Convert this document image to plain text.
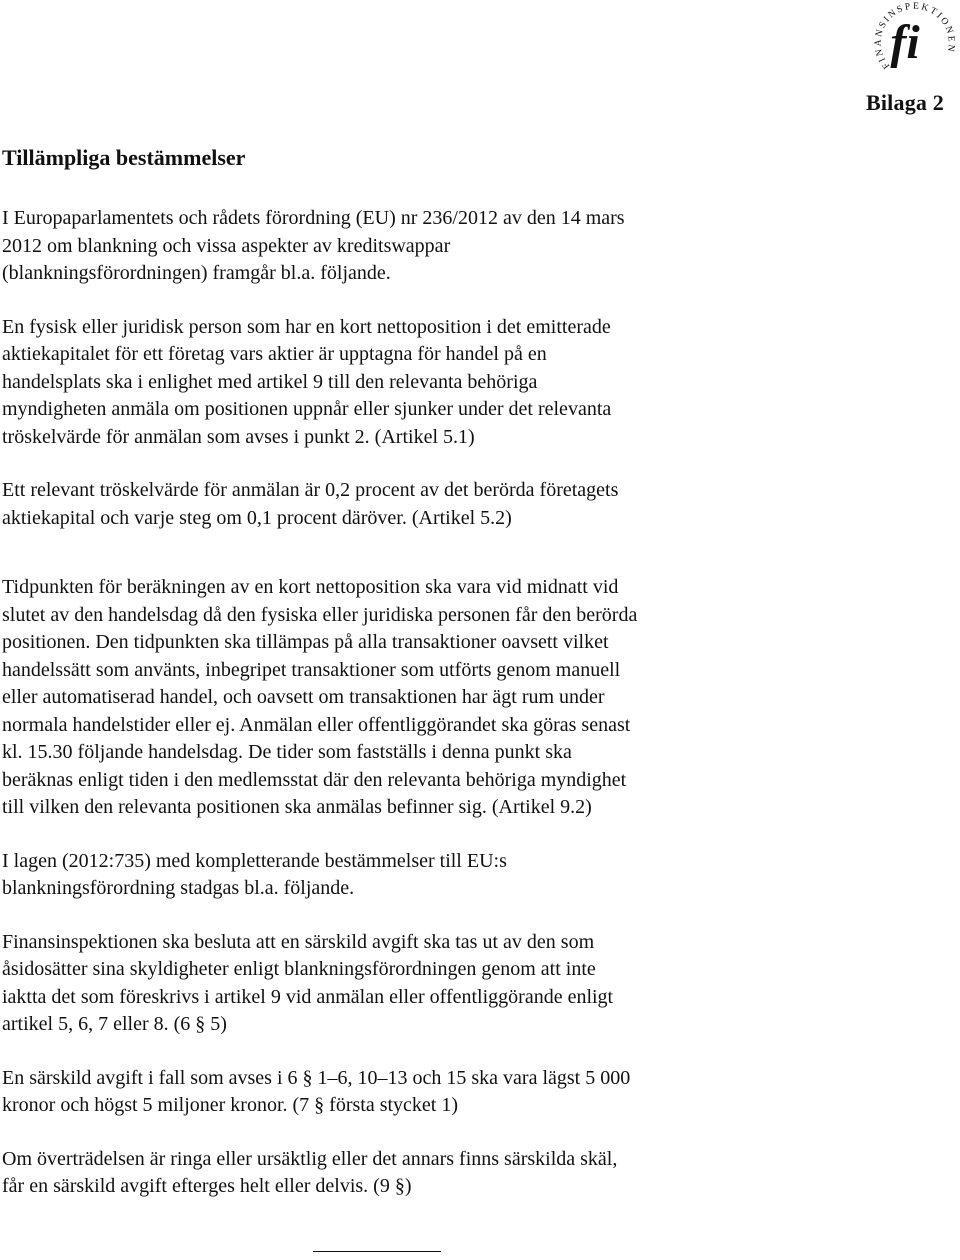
FINANSINSPEKTIONEN
fi
Bilaga 2
Tillämpliga bestämmelser

I Europaparlamentets och rådets förordning (EU) nr 236/2012 av den 14 mars
2012 om blankning och vissa aspekter av kreditswappar
(blankningsförordningen) framgår bl.a. följande.

En fysisk eller juridisk person som har en kort nettoposition i det emitterade
aktiekapitalet för ett företag vars aktier är upptagna för handel på en
handelsplats ska i enlighet med artikel 9 till den relevanta behöriga
myndigheten anmäla om positionen uppnår eller sjunker under det relevanta
tröskelvärde för anmälan som avses i punkt 2. (Artikel 5.1)

Ett relevant tröskelvärde för anmälan är 0,2 procent av det berörda företagets
aktiekapital och varje steg om 0,1 procent däröver. (Artikel 5.2)

Tidpunkten för beräkningen av en kort nettoposition ska vara vid midnatt vid
slutet av den handelsdag då den fysiska eller juridiska personen får den berörda
positionen. Den tidpunkten ska tillämpas på alla transaktioner oavsett vilket
handelssätt som använts, inbegripet transaktioner som utförts genom manuell
eller automatiserad handel, och oavsett om transaktionen har ägt rum under
normala handelstider eller ej. Anmälan eller offentliggörandet ska göras senast
kl. 15.30 följande handelsdag. De tider som fastställs i denna punkt ska
beräknas enligt tiden i den medlemsstat där den relevanta behöriga myndighet
till vilken den relevanta positionen ska anmälas befinner sig. (Artikel 9.2)

I lagen (2012:735) med kompletterande bestämmelser till EU:s
blankningsförordning stadgas bl.a. följande.

Finansinspektionen ska besluta att en särskild avgift ska tas ut av den som
åsidosätter sina skyldigheter enligt blankningsförordningen genom att inte
iaktta det som föreskrivs i artikel 9 vid anmälan eller offentliggörande enligt
artikel 5, 6, 7 eller 8. (6 § 5)

En särskild avgift i fall som avses i 6 § 1–6, 10–13 och 15 ska vara lägst 5 000
kronor och högst 5 miljoner kronor. (7 § första stycket 1)

Om överträdelsen är ringa eller ursäktlig eller det annars finns särskilda skäl,
får en särskild avgift efterges helt eller delvis. (9 §)
